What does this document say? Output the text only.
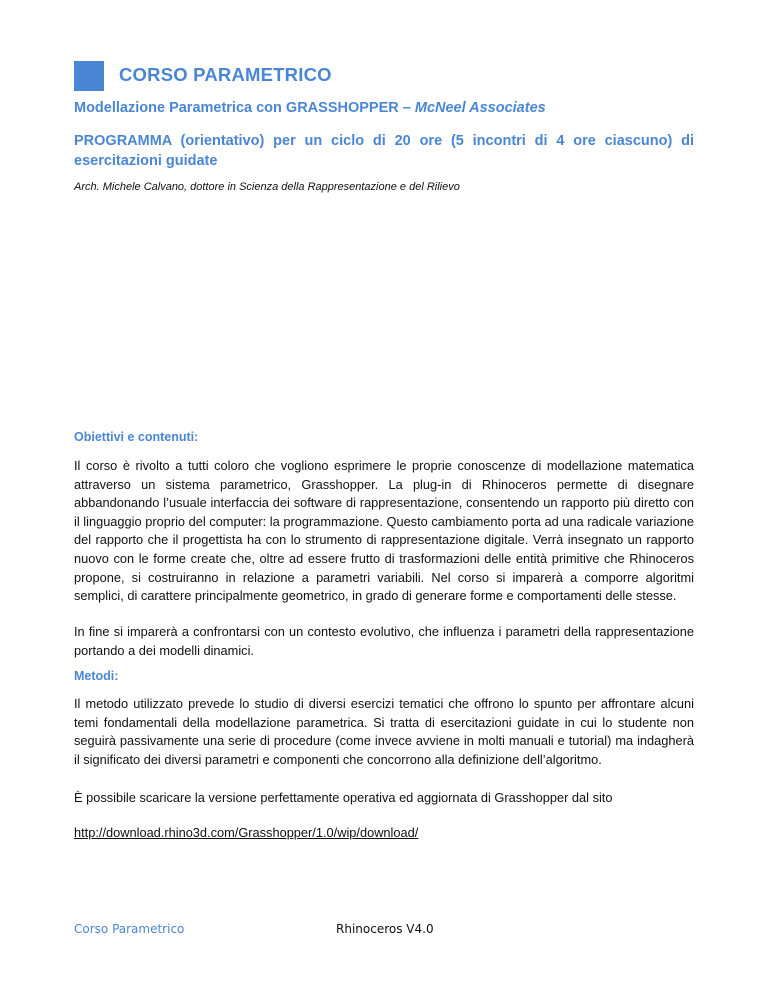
CORSO PARAMETRICO
Modellazione Parametrica con GRASSHOPPER – McNeel Associates
PROGRAMMA (orientativo) per un ciclo di 20 ore (5 incontri di 4 ore ciascuno) di esercitazioni guidate
Arch. Michele Calvano, dottore in Scienza della Rappresentazione e del Rilievo
Obiettivi e contenuti:

Il corso è rivolto a tutti coloro che vogliono esprimere le proprie conoscenze di modellazione matematica attraverso un sistema parametrico, Grasshopper. La plug-in di Rhinoceros permette di disegnare abbandonando l’usuale interfaccia dei software di rappresentazione, consentendo un rapporto più diretto con il linguaggio proprio del computer: la programmazione. Questo cambiamento porta ad una radicale variazione del rapporto che il progettista ha con lo strumento di rappresentazione digitale. Verrà insegnato un rapporto nuovo con le forme create che, oltre ad essere frutto di trasformazioni delle entità primitive che Rhinoceros propone, si costruiranno in relazione a parametri variabili. Nel corso si imparerà a comporre algoritmi semplici, di carattere principalmente geometrico, in grado di generare forme e comportamenti delle stesse.

In fine si imparerà a confrontarsi con un contesto evolutivo, che influenza i parametri della rappresentazione portando a dei modelli dinamici.

Metodi:

Il metodo utilizzato prevede lo studio di diversi esercizi tematici che offrono lo spunto per affrontare alcuni temi fondamentali della modellazione parametrica. Si tratta di esercitazioni guidate in cui lo studente non seguirà passivamente una serie di procedure (come invece avviene in molti manuali e tutorial) ma indagherà il significato dei diversi parametri e componenti che concorrono alla definizione dell’algoritmo.

È possibile scaricare la versione perfettamente operativa ed aggiornata di Grasshopper dal sito

http://download.rhino3d.com/Grasshopper/1.0/wip/download/
Corso Parametrico	Rhinoceros V4.0
